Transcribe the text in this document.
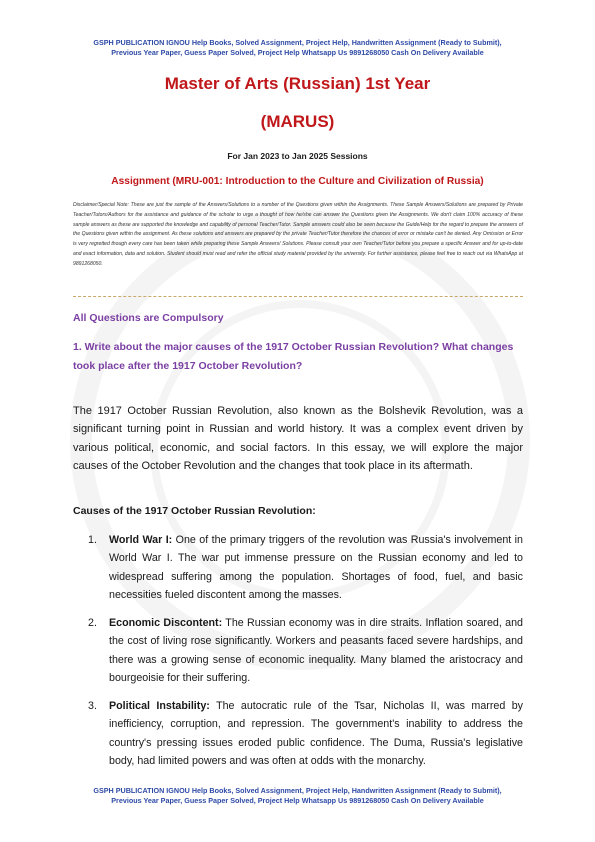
GSPH PUBLICATION IGNOU Help Books, Solved Assignment, Project Help, Handwritten Assignment (Ready to Submit),
Previous Year Paper, Guess Paper Solved, Project Help Whatsapp Us 9891268050 Cash On Delivery Available
Master of Arts (Russian) 1st Year
(MARUS)
For Jan 2023 to Jan 2025 Sessions
Assignment (MRU-001: Introduction to the Culture and Civilization of Russia)
Disclaimer/Special Note: These are just the sample of the Answers/Solutions to a number of the Questions given within the Assignments. These Sample Answers/Solutions are prepared by Private Teacher/Tutors/Authors for the assistance and guidance of the scholar to urge a thought of how he/she can answer the Questions given the Assignments. We don't claim 100% accuracy of these sample answers as these are supported the knowledge and capability of personal Teacher/Tutor. Sample answers could also be seen because the Guide/Help for the regard to prepare the answers of the Questions given within the assignment. As these solutions and answers are prepared by the private Teacher/Tutor therefore the chances of error or mistake can't be denied. Any Omission or Error is very regretted though every care has been taken while preparing these Sample Answers/ Solutions. Please consult your own Teacher/Tutor before you prepare a specific Answer and for up-to-date and exact information, data and solution. Student should must read and refer the official study material provided by the university. For further assistance, please feel free to reach out via WhatsApp at 9891268050.
All Questions are Compulsory
1. Write about the major causes of the 1917 October Russian Revolution? What changes took place after the 1917 October Revolution?
The 1917 October Russian Revolution, also known as the Bolshevik Revolution, was a significant turning point in Russian and world history. It was a complex event driven by various political, economic, and social factors. In this essay, we will explore the major causes of the October Revolution and the changes that took place in its aftermath.
Causes of the 1917 October Russian Revolution:
1.	World War I: One of the primary triggers of the revolution was Russia's involvement in World War I. The war put immense pressure on the Russian economy and led to widespread suffering among the population. Shortages of food, fuel, and basic necessities fueled discontent among the masses.
2.	Economic Discontent: The Russian economy was in dire straits. Inflation soared, and the cost of living rose significantly. Workers and peasants faced severe hardships, and there was a growing sense of economic inequality. Many blamed the aristocracy and bourgeoisie for their suffering.
3.	Political Instability: The autocratic rule of the Tsar, Nicholas II, was marred by inefficiency, corruption, and repression. The government's inability to address the country's pressing issues eroded public confidence. The Duma, Russia's legislative body, had limited powers and was often at odds with the monarchy.
GSPH PUBLICATION IGNOU Help Books, Solved Assignment, Project Help, Handwritten Assignment (Ready to Submit),
Previous Year Paper, Guess Paper Solved, Project Help Whatsapp Us 9891268050 Cash On Delivery Available
